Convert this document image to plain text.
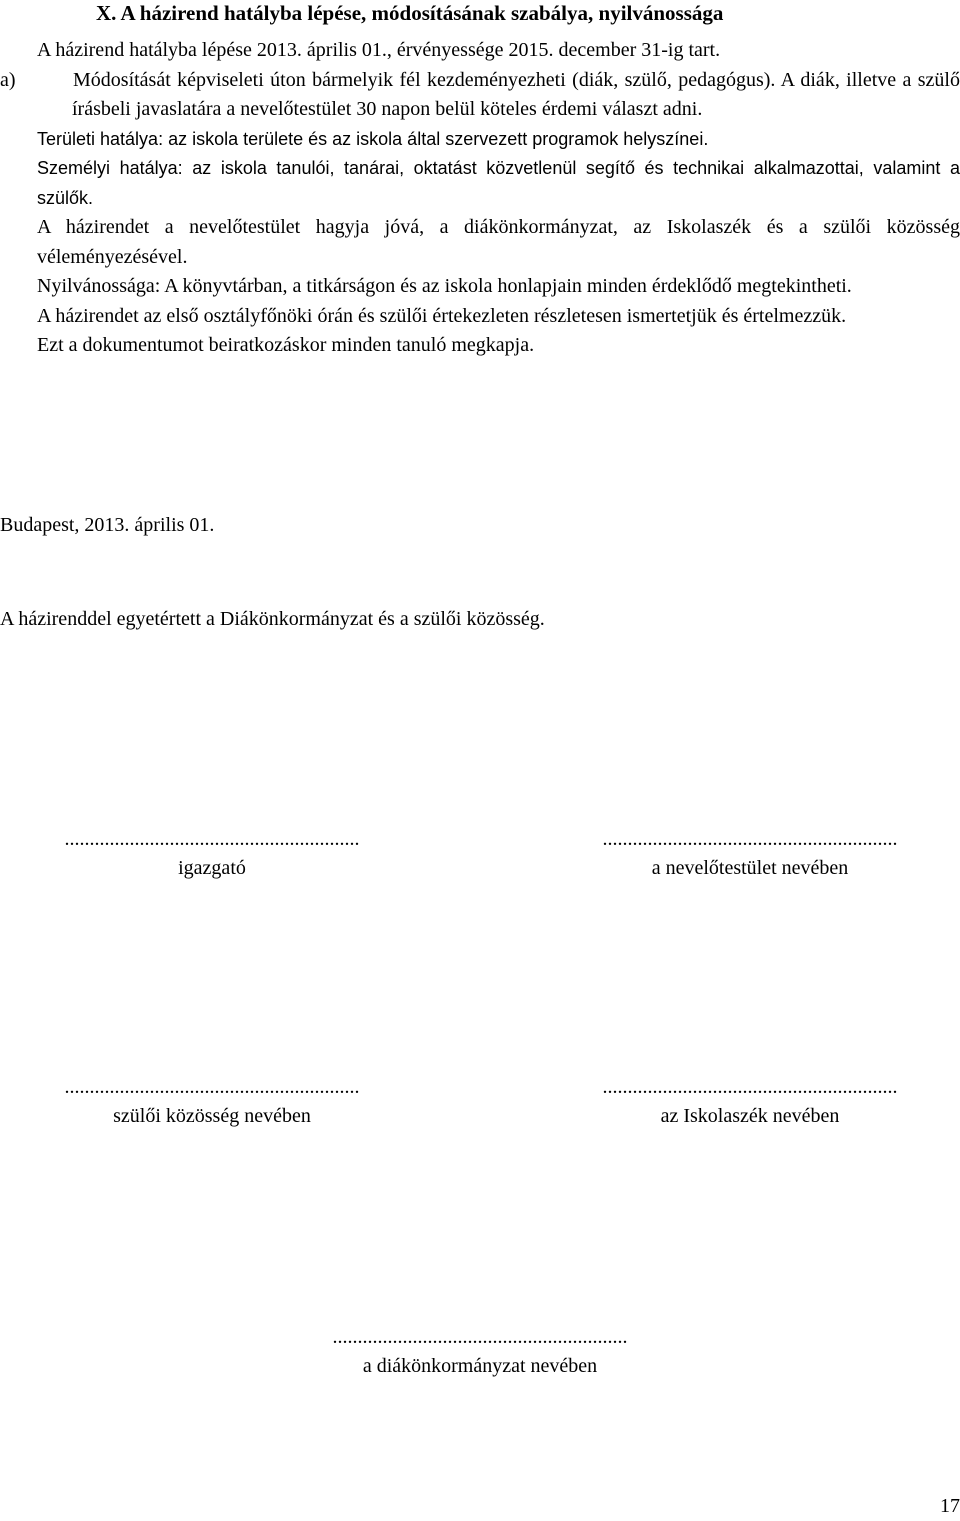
X. A házirend hatályba lépése, módosításának szabálya, nyilvánossága

A házirend hatályba lépése 2013. április 01., érvényessége 2015. december 31-ig tart.

a)	Módosítását képviseleti úton bármelyik fél kezdeményezheti (diák, szülő, pedagógus). A diák, illetve a szülő írásbeli javaslatára a nevelőtestület 30 napon belül köteles érdemi választ adni.

Területi hatálya: az iskola területe és az iskola által szervezett programok helyszínei.

Személyi hatálya: az iskola tanulói, tanárai, oktatást közvetlenül segítő és technikai alkalmazottai, valamint a szülők.

A házirendet a nevelőtestület hagyja jóvá, a diákönkormányzat, az Iskolaszék és a szülői közösség véleményezésével.

Nyilvánossága: A könyvtárban, a titkárságon és az iskola honlapjain minden érdeklődő megtekintheti.

A házirendet az első osztályfőnöki órán és szülői értekezleten részletesen ismertetjük és értelmezzük.

Ezt a dokumentumot beiratkozáskor minden tanuló megkapja.

Budapest, 2013. április 01.
A házirenddel egyetértett a Diákönkormányzat és a szülői közösség.
...........................................................
igazgató
...........................................................
a nevelőtestület nevében
...........................................................
szülői közösség nevében
...........................................................
az Iskolaszék nevében
...........................................................
a diákönkormányzat nevében
17
